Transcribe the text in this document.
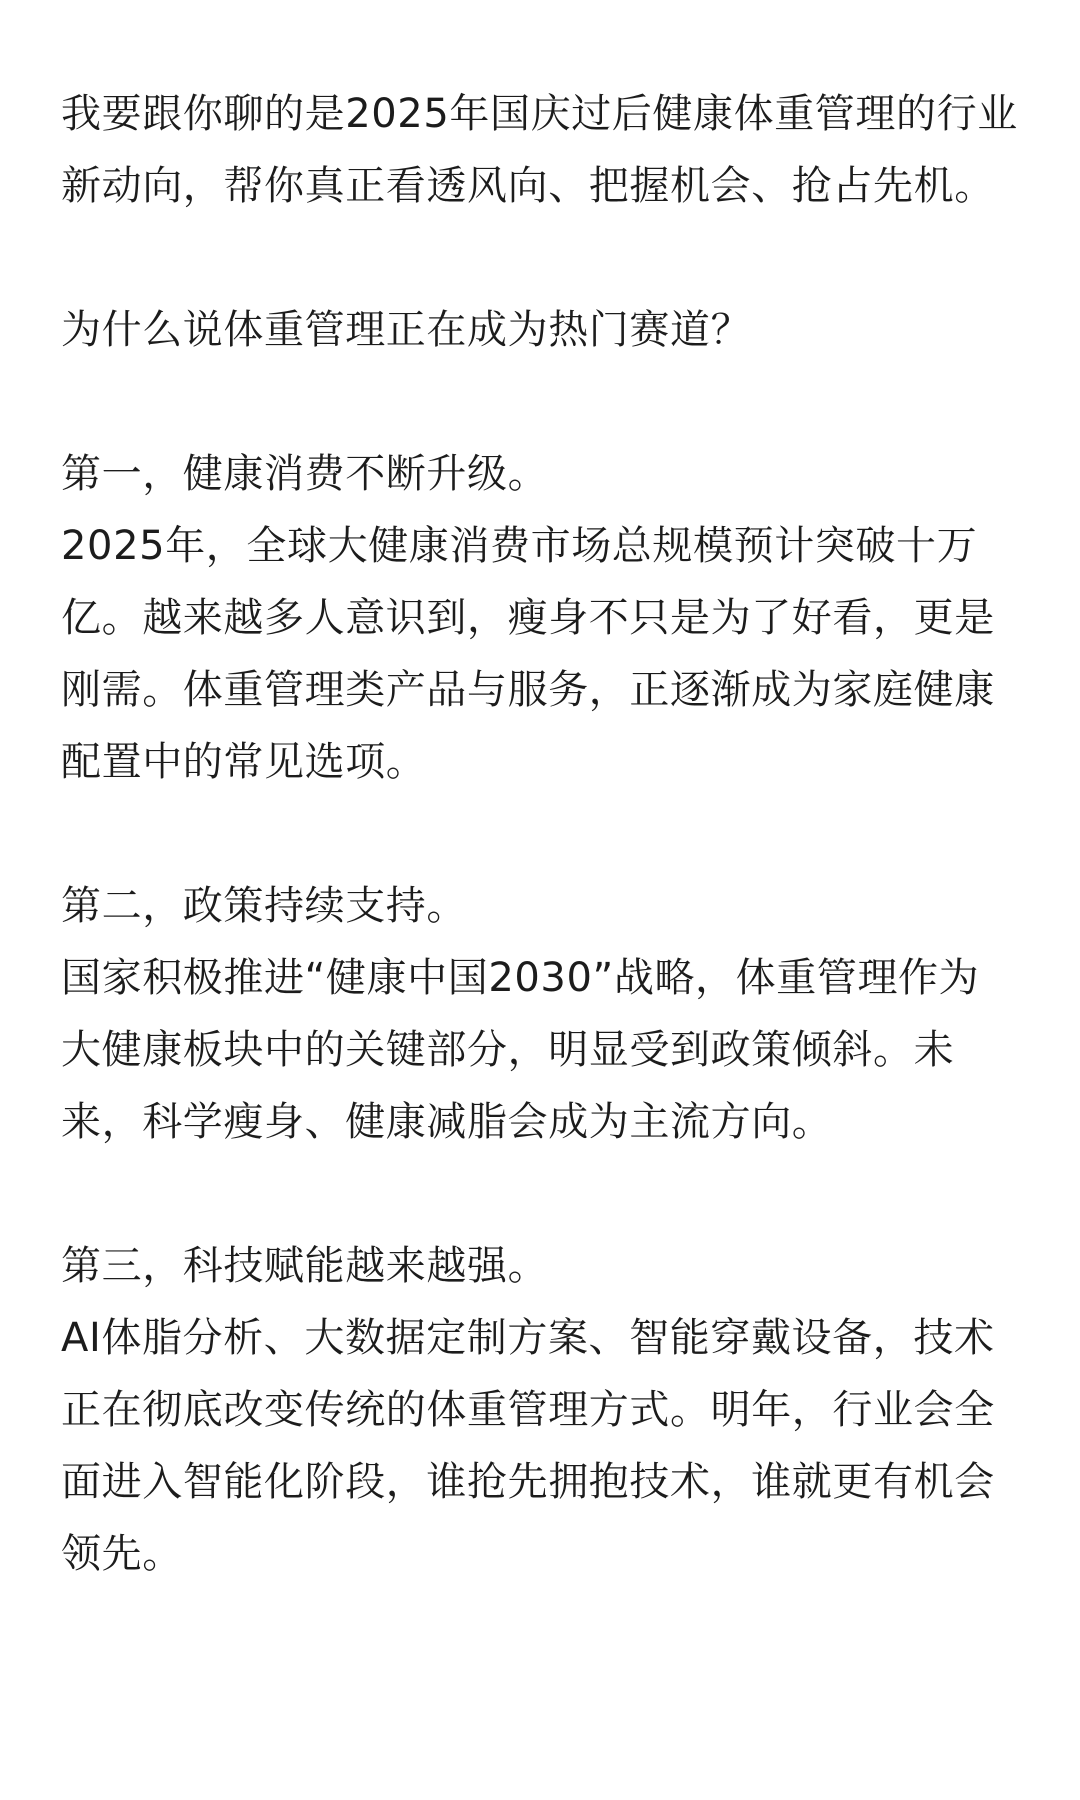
我要跟你聊的是2025年国庆过后健康体重管理的行业新动向，帮你真正看透风向、把握机会、抢占先机。

为什么说体重管理正在成为热门赛道？

第一，健康消费不断升级。

2025年，全球大健康消费市场总规模预计突破十万亿。越来越多人意识到，瘦身不只是为了好看，更是刚需。体重管理类产品与服务，正逐渐成为家庭健康配置中的常见选项。

第二，政策持续支持。

国家积极推进“健康中国2030”战略，体重管理作为大健康板块中的关键部分，明显受到政策倾斜。未来，科学瘦身、健康减脂会成为主流方向。

第三，科技赋能越来越强。

AI体脂分析、大数据定制方案、智能穿戴设备，技术正在彻底改变传统的体重管理方式。明年，行业会全面进入智能化阶段，谁抢先拥抱技术，谁就更有机会领先。
